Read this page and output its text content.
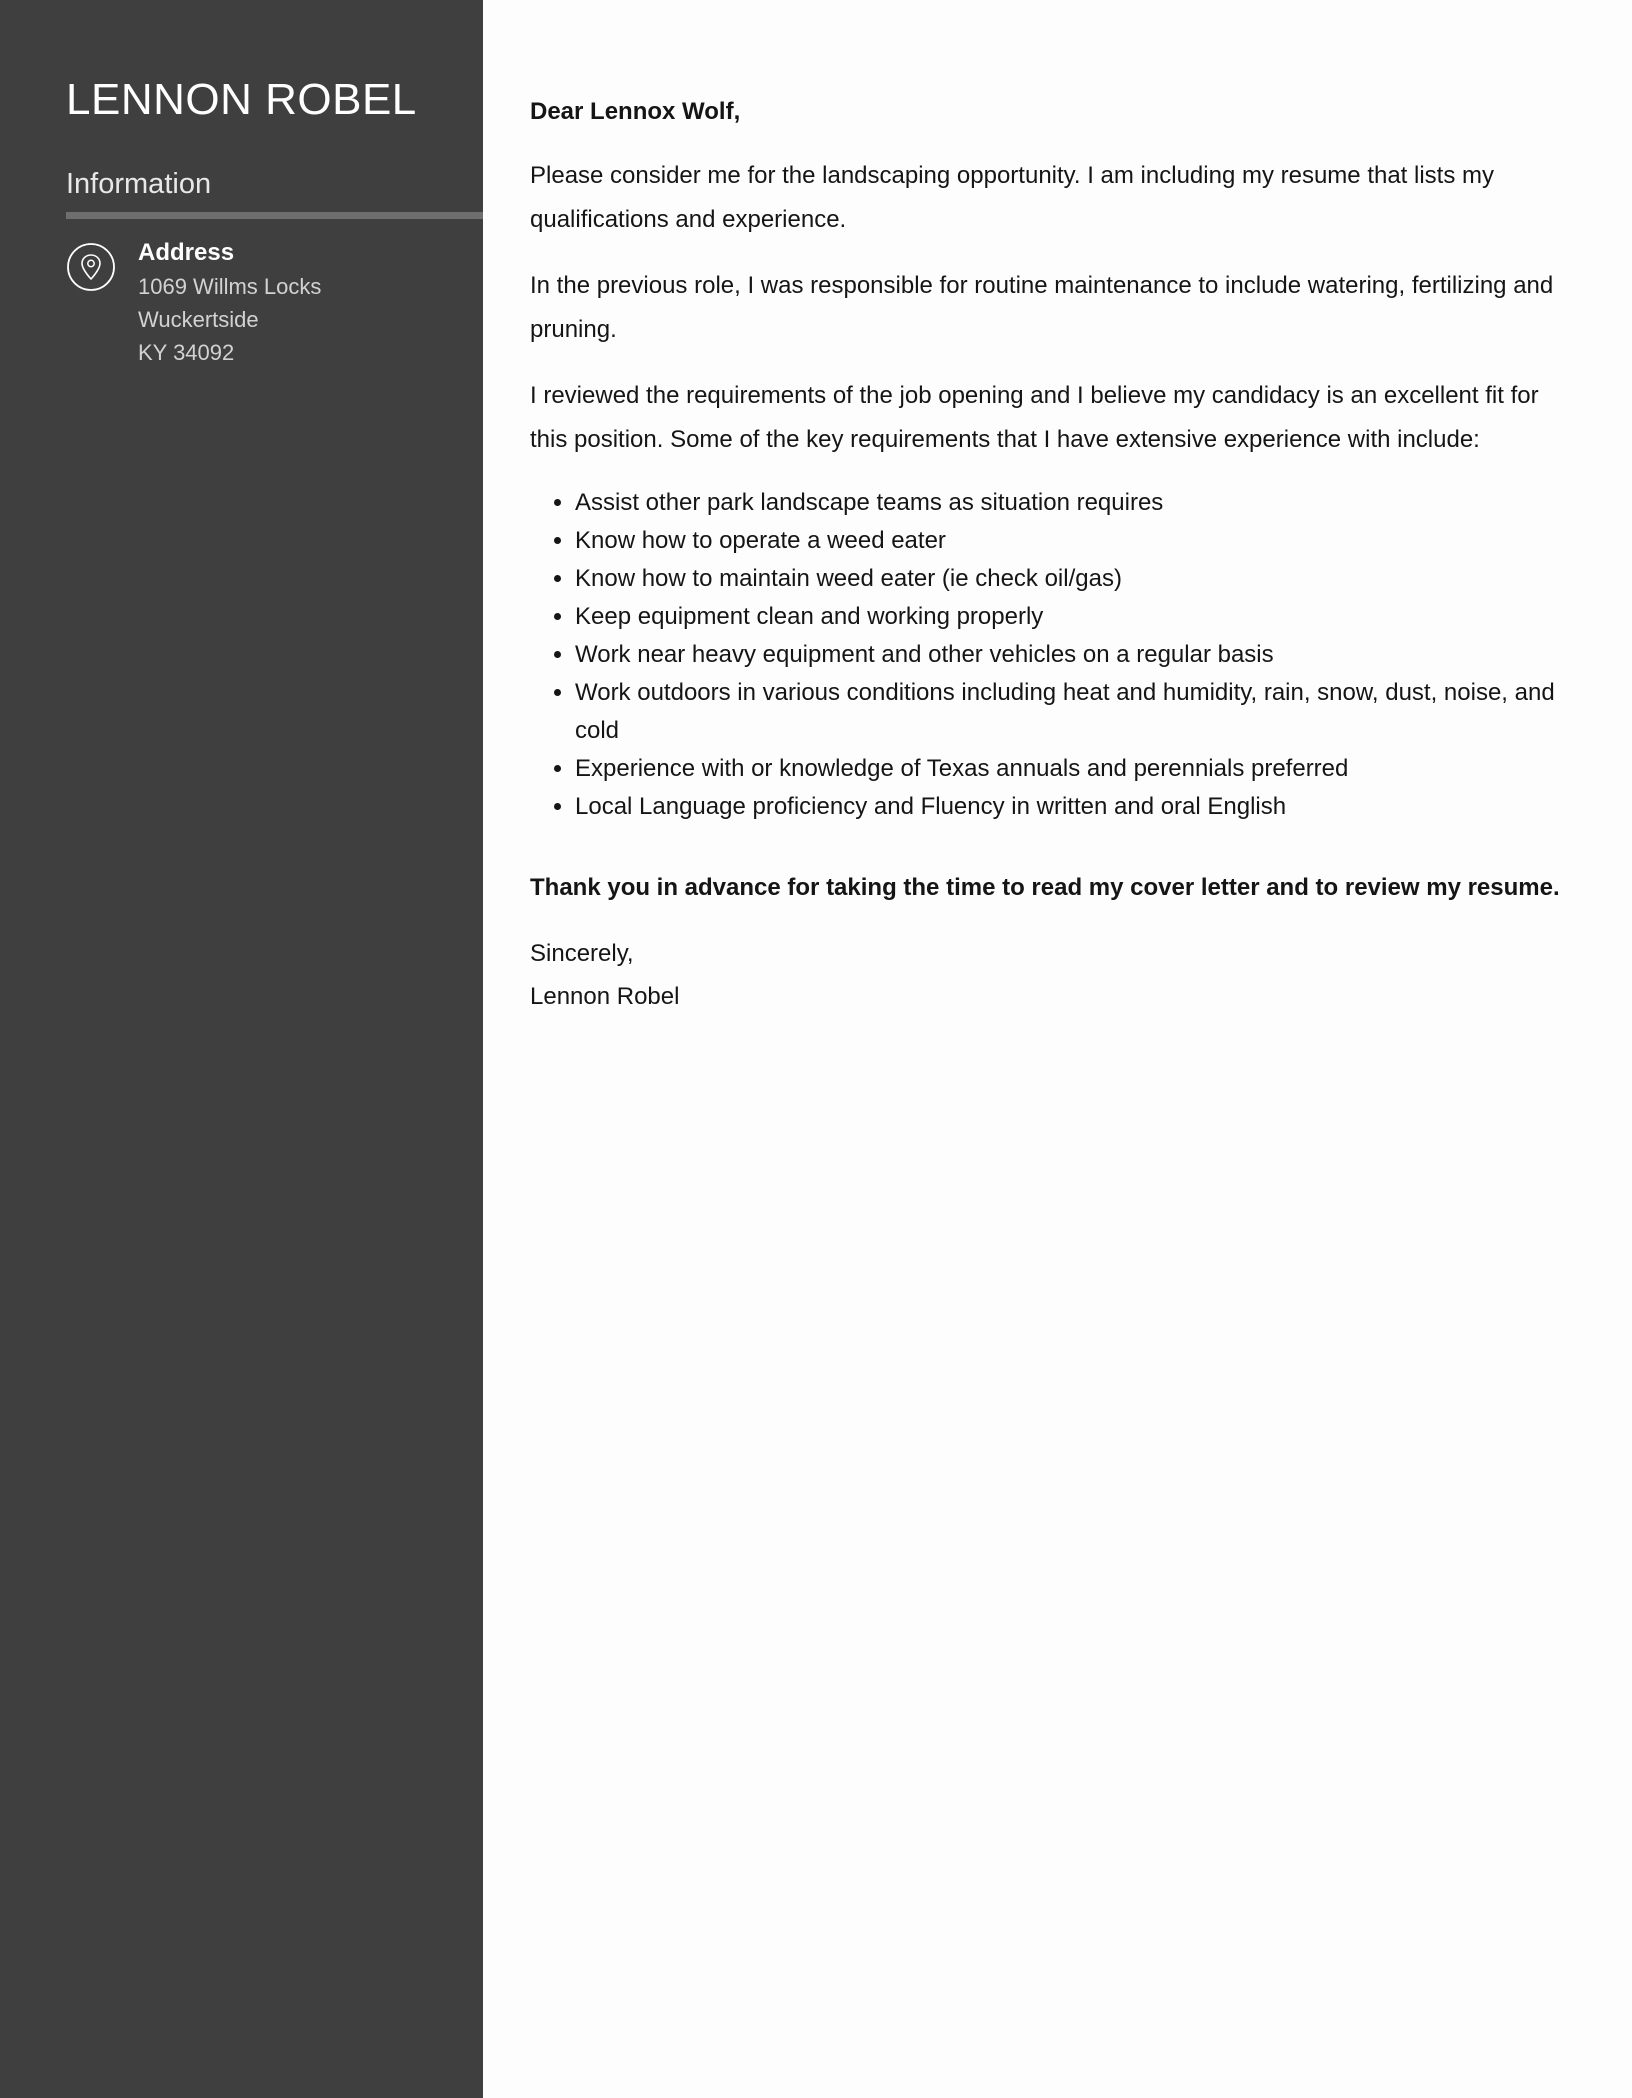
LENNON ROBEL
Information
Address
1069 Willms Locks
Wuckertside
KY 34092
Dear Lennox Wolf,
Please consider me for the landscaping opportunity. I am including my resume that lists my qualifications and experience.
In the previous role, I was responsible for routine maintenance to include watering, fertilizing and pruning.
I reviewed the requirements of the job opening and I believe my candidacy is an excellent fit for this position. Some of the key requirements that I have extensive experience with include:
• Assist other park landscape teams as situation requires
• Know how to operate a weed eater
• Know how to maintain weed eater (ie check oil/gas)
• Keep equipment clean and working properly
• Work near heavy equipment and other vehicles on a regular basis
• Work outdoors in various conditions including heat and humidity, rain, snow, dust, noise, and cold
• Experience with or knowledge of Texas annuals and perennials preferred
• Local Language proficiency and Fluency in written and oral English
Thank you in advance for taking the time to read my cover letter and to review my resume.
Sincerely,
Lennon Robel
